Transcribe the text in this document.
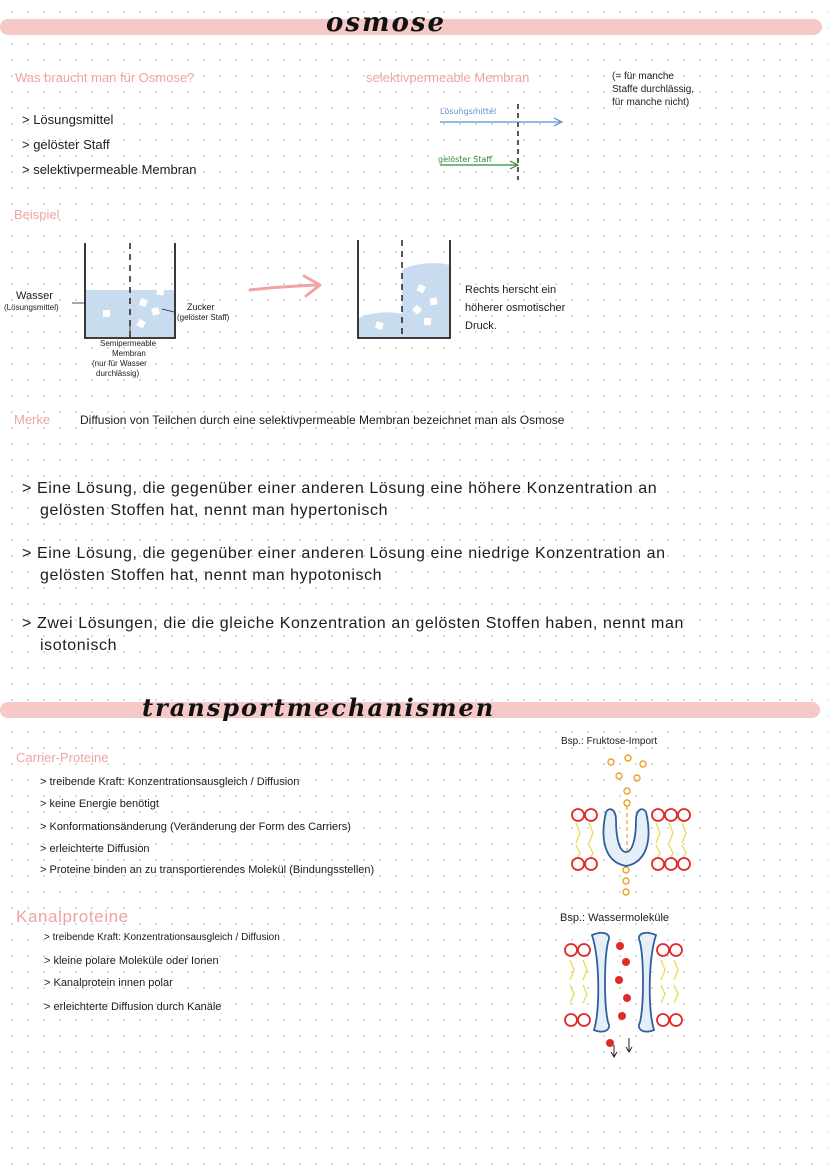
osmose
Was braucht man für Osmose?
> Lösungsmittel
> gelöster Staff
> selektivpermeable Membran
selektivpermeable Membran	(= für manche
Staffe durchlässig,
für manche nicht)
Lösungsmittel
gelöster Staff
Beispiel
Wasser
(Lösungsmittel)	Zucker
(gelöster Staff)
Semipermeable
Membran
(nur für Wasser
durchlässig)
Rechts herscht ein
höherer osmotischer
Druck.
Merke Diffusion von Teilchen durch eine selektivpermeable Membran bezeichnet man als Osmose
> Eine Lösung, die gegenüber einer anderen Lösung eine höhere Konzentration an
gelösten Stoffen hat, nennt man hypertonisch
> Eine Lösung, die gegenüber einer anderen Lösung eine niedrige Konzentration an
gelösten Stoffen hat, nennt man hypotonisch
> Zwei Lösungen, die die gleiche Konzentration an gelösten Stoffen haben, nennt man
isotonisch
transportmechanismen
Carrier-Proteine
> treibende Kraft: Konzentrationsausgleich / Diffusion
> keine Energie benötigt
> Konformationsänderung (Veränderung der Form des Carriers)
> erleichterte Diffusion
> Proteine binden an zu transportierendes Molekül (Bindungsstellen)
Bsp.: Fruktose-Import
Kanalproteine
> treibende Kraft: Konzentrationsausgleich / Diffusion
> kleine polare Moleküle oder Ionen
> Kanalprotein innen polar
> erleichterte Diffusion durch Kanäle
Bsp.: Wassermoleküle
